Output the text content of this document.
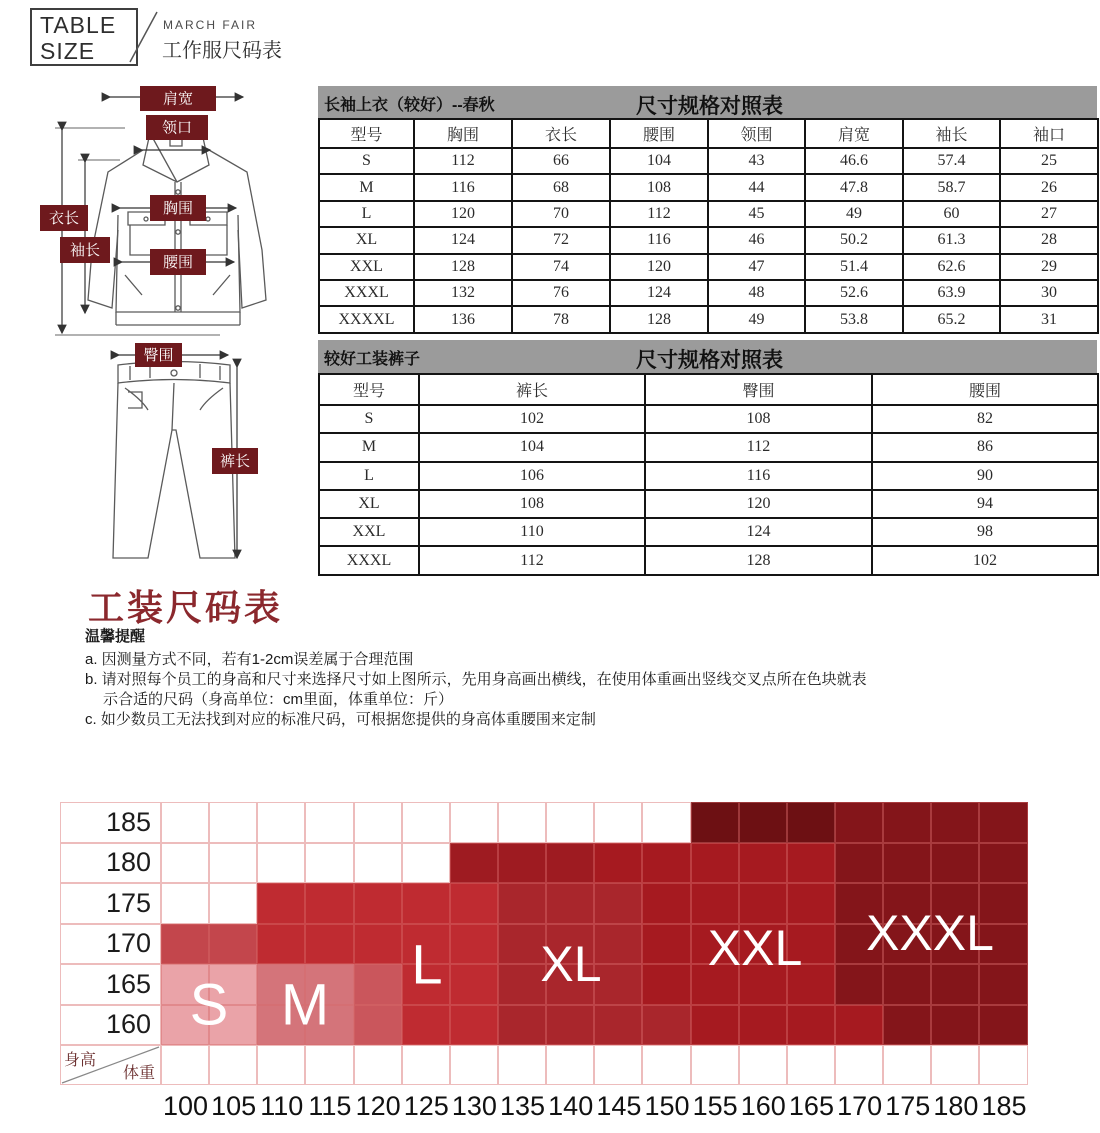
TABLE
SIZE
MARCH FAIR
工作服尺码表
肩宽
领口
衣长
袖长
胸围
腰围
臀围
裤长
长袖上衣（较好）--春秋	尺寸规格对照表
型号	胸围	衣长	腰围	领围	肩宽	袖长	袖口
S	112	66	104	43	46.6	57.4	25
M	116	68	108	44	47.8	58.7	26
L	120	70	112	45	49	60	27
XL	124	72	116	46	50.2	61.3	28
XXL	128	74	120	47	51.4	62.6	29
XXXL	132	76	124	48	52.6	63.9	30
XXXXL	136	78	128	49	53.8	65.2	31
较好工装裤子	尺寸规格对照表
型号	裤长	臀围	腰围
S	102	108	82
M	104	112	86
L	106	116	90
XL	108	120	94
XXL	110	124	98
XXXL	112	128	102
工装尺码表
温馨提醒
a. 因测量方式不同，若有1-2cm误差属于合理范围
b. 请对照每个员工的身高和尺寸来选择尺寸如上图所示，先用身高画出横线，在使用体重画出竖线交叉点所在色块就表
示合适的尺码（身高单位：cm里面，体重单位：斤）
c. 如少数员工无法找到对应的标准尺码，可根据您提供的身高体重腰围来定制
185
180
175
170
165
160
身高
体重
S M
L XL XXL XXXL
100 105 110 115 120 125 130 135 140 145 150 155 160 165 170 175 180 185
